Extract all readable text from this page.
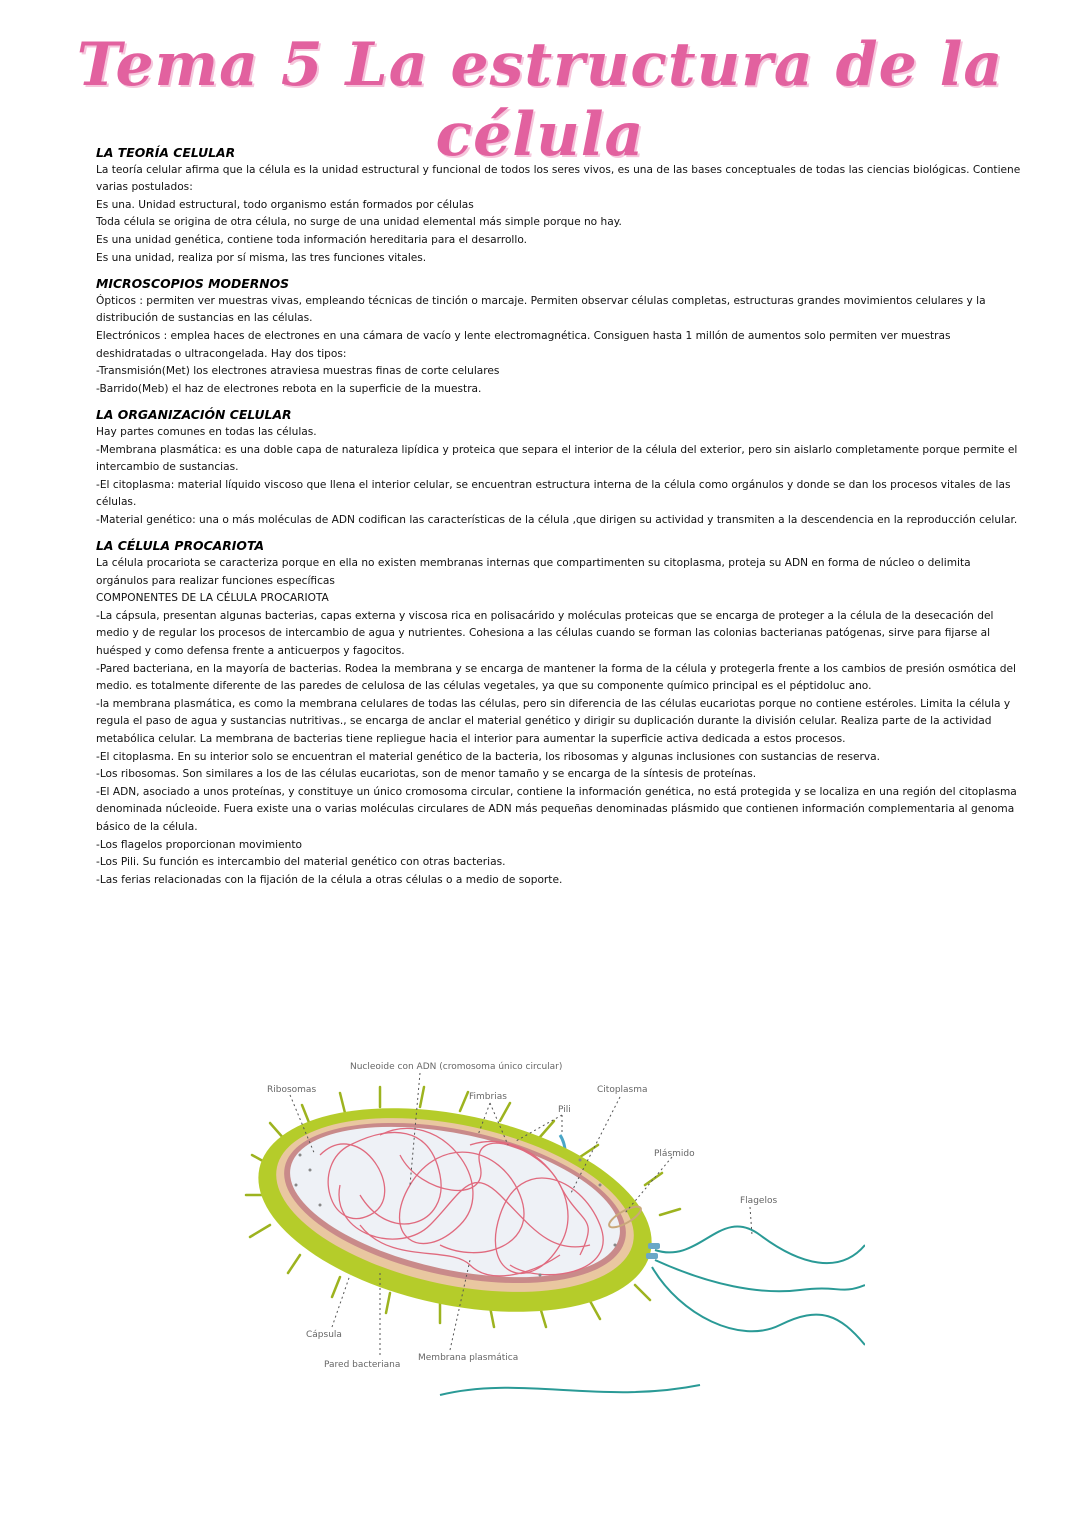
Tema 5 La estructura de la célula
LA TEORÍA CELULAR

La teoría celular afirma que la célula es la unidad estructural y funcional de todos los seres vivos, es una de las bases conceptuales de todas las ciencias biológicas. Contiene varias postulados:

Es una. Unidad estructural, todo organismo están formados por células

Toda célula se origina de otra célula, no surge de una unidad elemental más simple porque no hay.

Es una unidad genética, contiene toda información hereditaria para el desarrollo.

Es una unidad, realiza por sí misma, las tres funciones vitales.

MICROSCOPIOS MODERNOS

Ópticos : permiten ver muestras vivas, empleando técnicas de tinción o marcaje. Permiten observar células completas, estructuras grandes movimientos celulares y la distribución de sustancias en las células.

Electrónicos : emplea haces de electrones en una cámara de vacío y lente electromagnética. Consiguen hasta 1 millón de aumentos solo permiten ver muestras deshidratadas o ultracongelada. Hay dos tipos:

-Transmisión(Met) los electrones atraviesa muestras finas de corte celulares

-Barrido(Meb) el haz de electrones rebota en la superficie de la muestra.

LA ORGANIZACIÓN CELULAR

Hay partes comunes en todas las células.

-Membrana plasmática: es una doble capa de naturaleza lipídica y proteica que separa el interior de la célula del exterior, pero sin aislarlo completamente porque permite el intercambio de sustancias.

-El citoplasma: material líquido viscoso que llena el interior celular, se encuentran estructura interna de la célula como orgánulos y donde se dan los procesos vitales de las células.

-Material genético: una o más moléculas de ADN codifican las características de la célula ,que dirigen su actividad y transmiten a la descendencia en la reproducción celular.

LA CÉLULA PROCARIOTA

La célula procariota se caracteriza porque en ella no existen membranas internas que compartimenten su citoplasma, proteja su ADN en forma de núcleo o delimita orgánulos para realizar funciones específicas

COMPONENTES DE LA CÉLULA PROCARIOTA

-La cápsula, presentan algunas bacterias, capas externa y viscosa rica en polisacárido y moléculas proteicas que se encarga de proteger a la célula de la desecación del medio y de regular los procesos de intercambio de agua y nutrientes. Cohesiona a las células cuando se forman las colonias bacterianas patógenas, sirve para fijarse al huésped y como defensa frente a anticuerpos y fagocitos.

-Pared bacteriana, en la mayoría de bacterias. Rodea la membrana y se encarga de mantener la forma de la célula y protegerla frente a los cambios de presión osmótica del medio. es totalmente diferente de las paredes de celulosa de las células vegetales, ya que su componente químico principal es el péptidoluc ano.

-la membrana plasmática, es como la membrana celulares de todas las células, pero sin diferencia de las células eucariotas porque no contiene estéroles. Limita la célula y regula el paso de agua y sustancias nutritivas., se encarga de anclar el material genético y dirigir su duplicación durante la división celular. Realiza parte de la actividad metabólica celular. La membrana de bacterias tiene repliegue hacia el interior para aumentar la superficie activa dedicada a estos procesos.

-El citoplasma. En su interior solo se encuentran el material genético de la bacteria, los ribosomas y algunas inclusiones con sustancias de reserva.

-Los ribosomas. Son similares a los de las células eucariotas, son de menor tamaño y se encarga de la síntesis de proteínas.

-El ADN, asociado a unos proteínas, y constituye un único cromosoma circular, contiene la información genética, no está protegida y se localiza en una región del citoplasma denominada núcleoide. Fuera existe una o varias moléculas circulares de ADN más pequeñas denominadas plásmido que contienen información complementaria al genoma básico de la célula.

-Los flagelos proporcionan movimiento

-Los Pili. Su función es intercambio del material genético con otras bacterias.

-Las ferias relacionadas con la fijación de la célula a otras células o a medio de soporte.

Nucleoide con ADN (cromosoma único circular)
Ribosomas
Fimbrias
Pili
Citoplasma
Plásmido
Flagelos
Cápsula
Pared bacteriana
Membrana plasmática
